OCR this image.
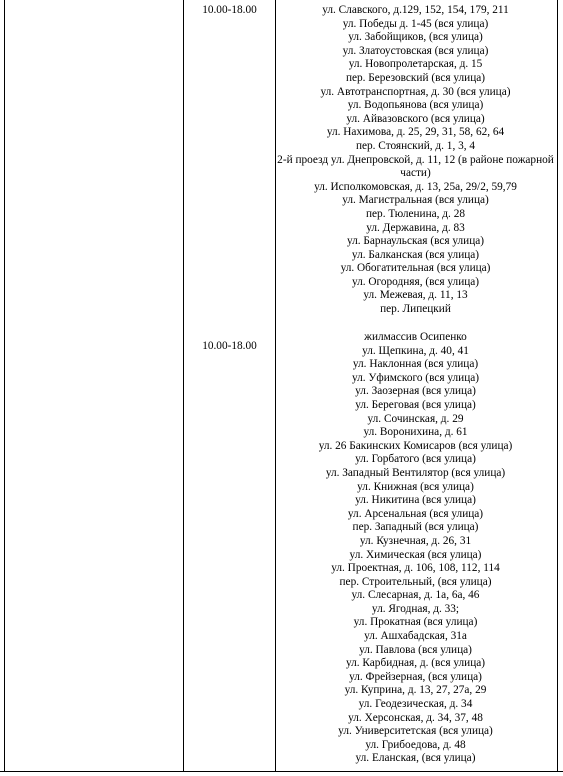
10.00-18.00	ул. Славского, д.129, 152, 154, 179, 211
ул. Победы д. 1-45 (вся улица)
ул. Забойщиков, (вся улица)
ул. Златоустовская (вся улица)
ул. Новопролетарская, д. 15
пер. Березовский (вся улица)
ул. Автотранспортная, д. 30 (вся улица)
ул. Водопьянова (вся улица)
ул. Айвазовского (вся улица)
ул. Нахимова, д. 25, 29, 31, 58, 62, 64
пер. Стоянский, д. 1, 3, 4
2-й проезд ул. Днепровской, д. 11, 12 (в районе пожарной части)
ул. Исполкомовская, д. 13, 25а, 29/2, 59,79
ул. Магистральная (вся улица)
пер. Тюленина, д. 28
ул. Державина, д. 83
ул. Барнаульская (вся улица)
ул. Балканская (вся улица)
ул. Обогатительная (вся улица)
ул. Огородняя, (вся улица)
ул. Межевая, д. 11, 13
пер. Липецкий
10.00-18.00
жилмассив Осипенко
ул. Щепкина, д. 40, 41
ул. Наклонная (вся улица)
ул. Уфимского (вся улица)
ул. Заозерная (вся улица)
ул. Береговая (вся улица)
ул. Сочинская, д. 29
ул. Воронихина, д. 61
ул. 26 Бакинских Комисаров (вся улица)
ул. Горбатого (вся улица)
ул. Западный Вентилятор (вся улица)
ул. Книжная (вся улица)
ул. Никитина (вся улица)
ул. Арсенальная (вся улица)
пер. Западный (вся улица)
ул. Кузнечная, д. 26, 31
ул. Химическая (вся улица)
ул. Проектная, д. 106, 108, 112, 114
пер. Строительный, (вся улица)
ул. Слесарная, д. 1а, 6а, 46
ул. Ягодная, д. 33;
ул. Прокатная (вся улица)
ул. Ашхабадская, 31а
ул. Павлова (вся улица)
ул. Карбидная, д. (вся улица)
ул. Фрейзерная, (вся улица)
ул. Куприна, д. 13, 27, 27а, 29
ул. Геодезическая, д. 34
ул. Херсонская, д. 34, 37, 48
ул. Университетская (вся улица)
ул. Грибоедова, д. 48
ул. Еланская, (вся улица)
